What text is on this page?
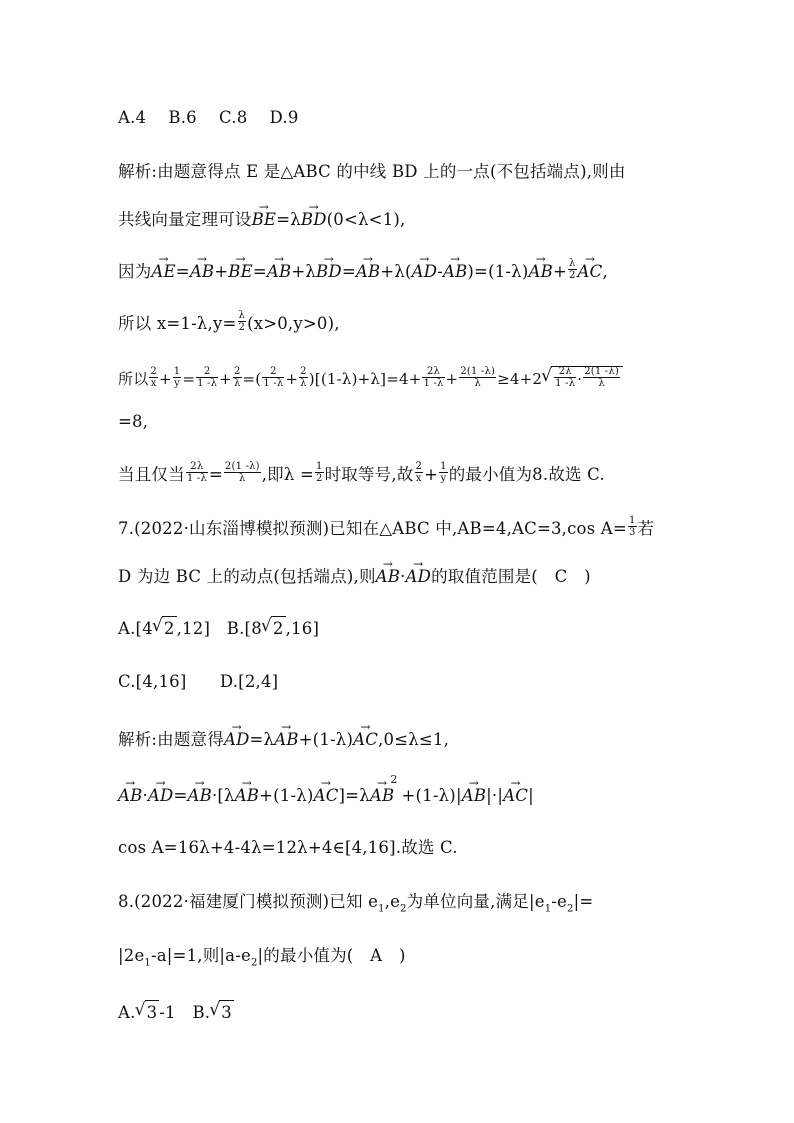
A.4　 B.6　 C.8　 D.9
解析:由题意得点 E 是△ABC 的中线 BD 上的一点(不包括端点),则由
共线向量定理可设→ BE=λ→ BD(0<λ<1),
因为→ $AE=\to AB+\to BE=\to AB+\lambda\to BD=\to AB+\lambda(\to AD-\to AB)=(1-\lambda)\to AB+ \frac{\lambda}{2}$ → AC,
所以 $x=1-\lambda,y= \frac{\lambda}{2} (x>0,y>0)$,
所以 $\frac{2}{x} + \frac{1}{y} = \frac{2}{1 -\lambda} + \frac{2}{\lambda}$ =( $\frac{2}{1 -\lambda} + \frac{2}{\lambda} )[(1-\lambda)+\lambda]=4+ \frac{2\lambda}{1 -\lambda} + \frac{2(1 -\lambda)}{\lambda} \ge 4+2$ √ $\frac{2\lambda}{1 -\lambda} \cdot \frac{2(1 -\lambda)}{\lambda}$
=8,
当且仅当 $\frac{2\lambda}{1 -\lambda} = \frac{2(1 -\lambda)}{\lambda}$ ,即$\lambda = \frac{1}{2}$ 时取等号,故 $\frac{2}{x} + \frac{1}{y}$ 的最小值为8.故选 C.
7.(2022·山东淄博模拟预测)已知在△ABC 中,AB=4,AC=3,cos $A= \frac{1}{3}$ 若
D 为边 BC 上的动点(包括端点),则→ AB·→ AD的取值范围是(　C　)
A.[4 √ 2 ,12]　B.[8 √ 2 ,16]
C.[4,16]　　D.[2,4]
解析:由题意得→ AD=λ→ AB+(1-λ)→ AC,0≤λ≤1,
→ $AB\cdot\to AD=\to AB\cdot[\lambda\to AB+(1-\lambda)\to AC]=\lambda\to AB^2+(1-\lambda)|\to AB|\cdot|\to AC|$
cos A=16λ+4-4λ=12λ+4∈[4,16].故选 C.
8.(2022·福建厦门模拟预测)已知 $e_1,e_2$为单位向量,满足$|e_1-e_2|=$
$|2e_1-a|=1$,则$|a-e_2|$的最小值为(　A　)
A. √ 3 -1　B. √ 3
